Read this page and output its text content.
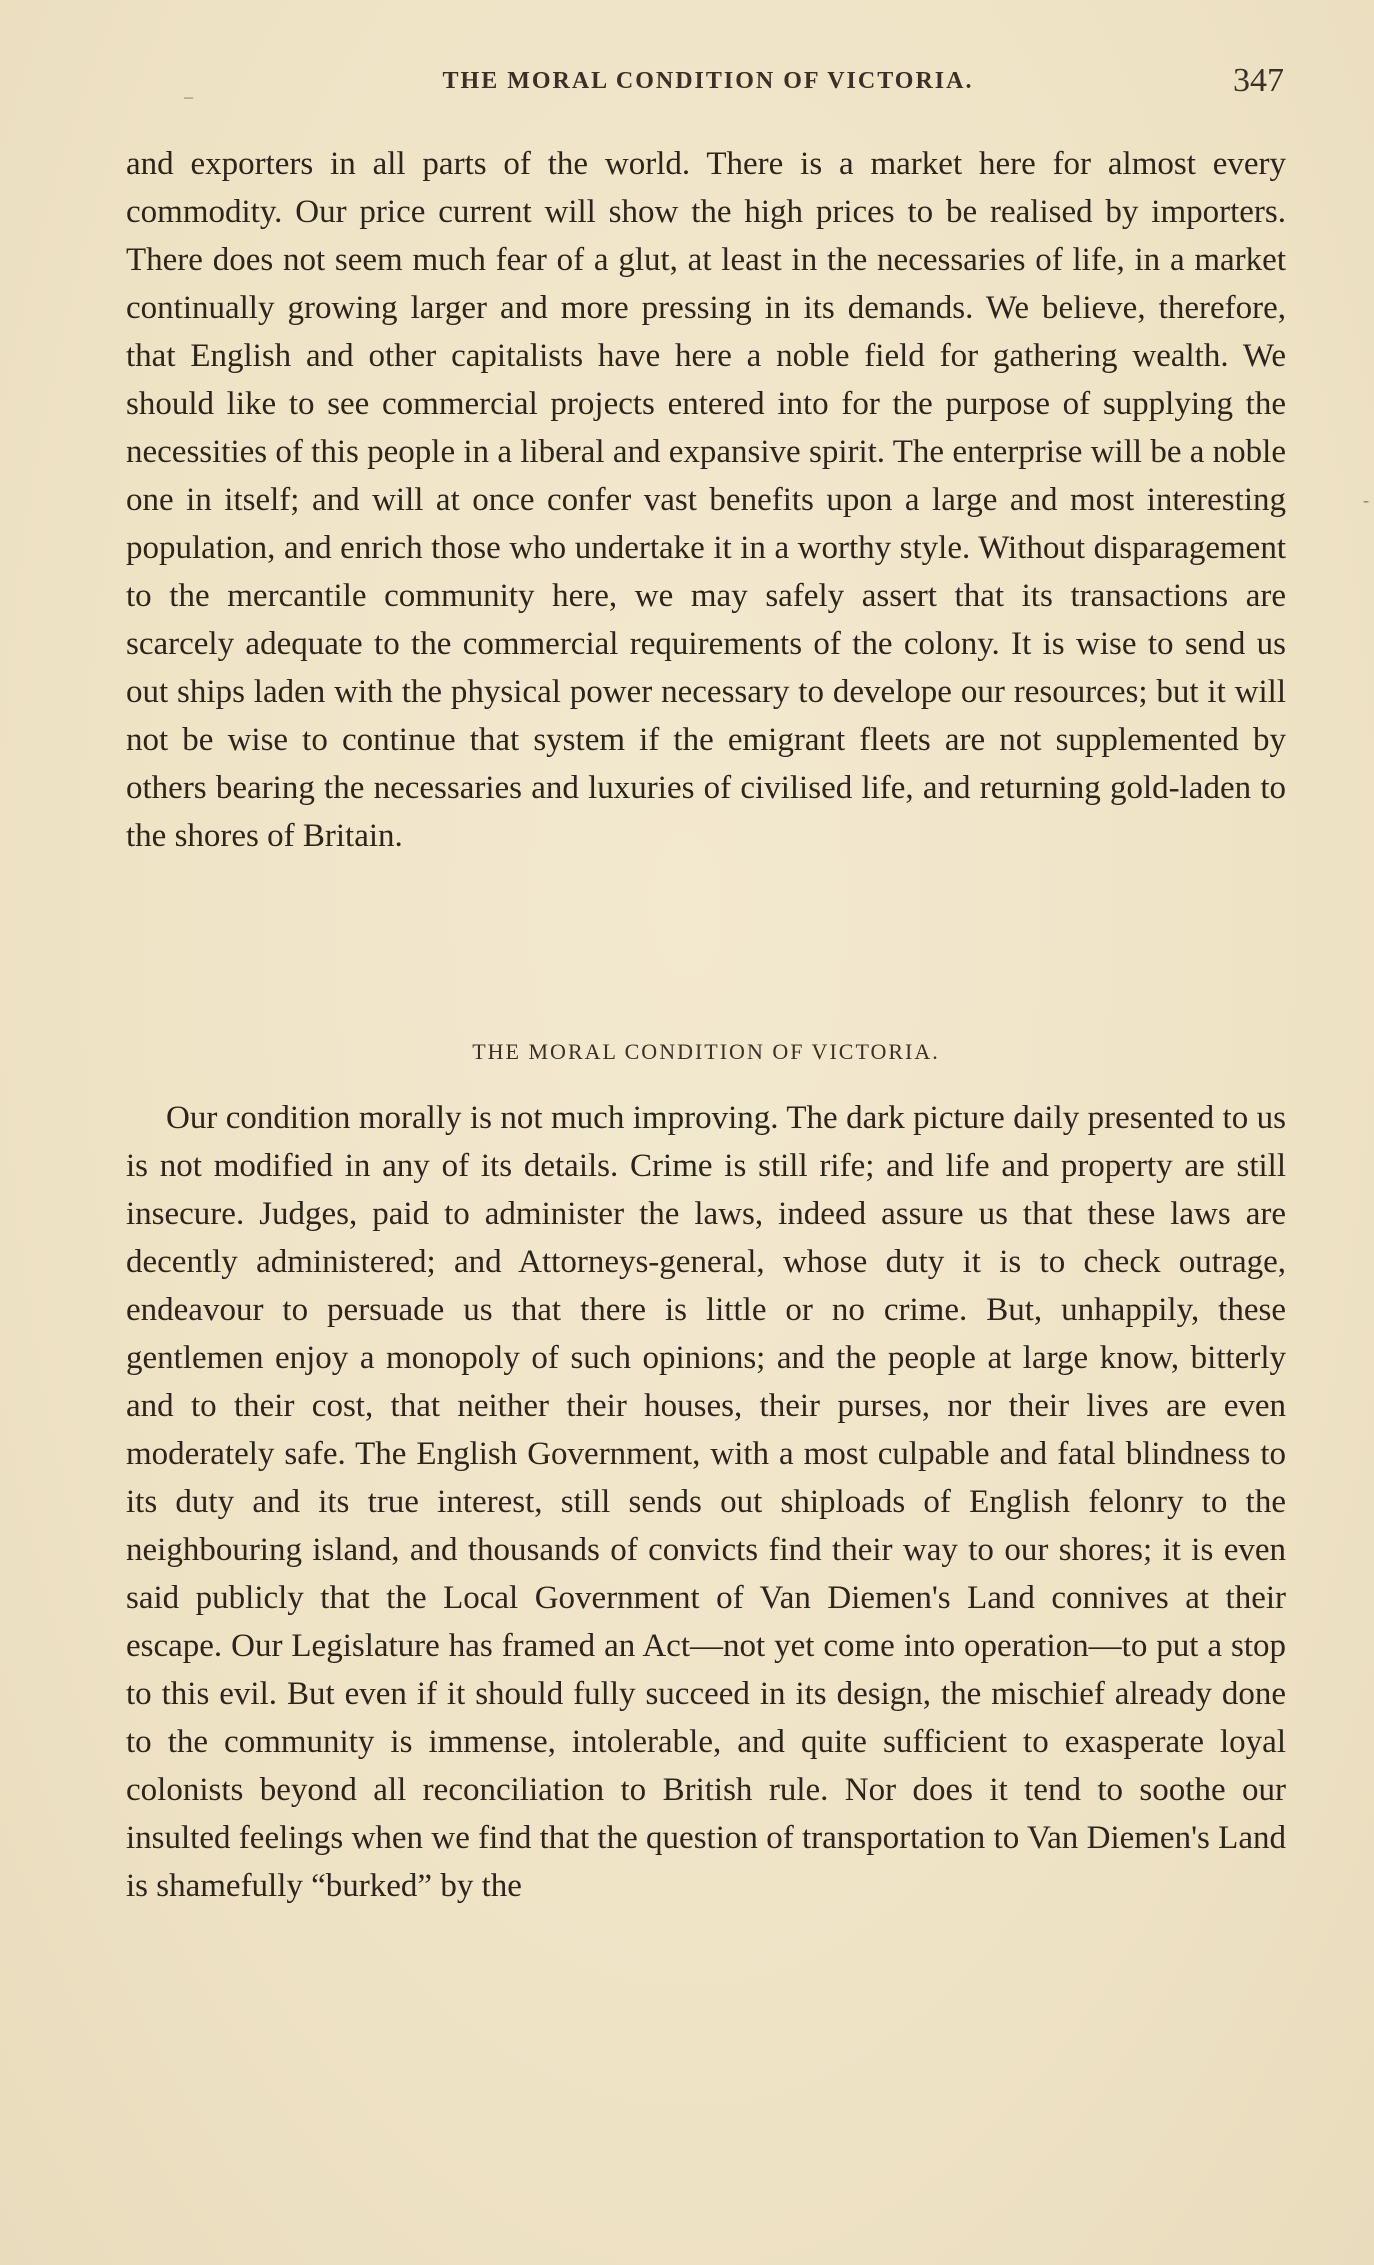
THE MORAL CONDITION OF VICTORIA.	347

and exporters in all parts of the world. There is a market here for almost every commodity. Our price current will show the high prices to be realised by importers. There does not seem much fear of a glut, at least in the necessaries of life, in a market continually growing larger and more pressing in its demands. We believe, therefore, that English and other capitalists have here a noble field for gathering wealth. We should like to see commercial projects entered into for the purpose of supplying the necessities of this people in a liberal and expansive spirit. The enterprise will be a noble one in itself; and will at once confer vast benefits upon a large and most interesting population, and enrich those who undertake it in a worthy style. Without disparagement to the mercantile community here, we may safely assert that its transactions are scarcely adequate to the commercial requirements of the colony. It is wise to send us out ships laden with the physical power necessary to develope our resources; but it will not be wise to continue that system if the emigrant fleets are not supplemented by others bearing the necessaries and luxuries of civilised life, and returning gold-laden to the shores of Britain.

THE MORAL CONDITION OF VICTORIA.

Our condition morally is not much improving. The dark picture daily presented to us is not modified in any of its details. Crime is still rife; and life and property are still insecure. Judges, paid to administer the laws, indeed assure us that these laws are decently administered; and Attorneys-general, whose duty it is to check outrage, endeavour to persuade us that there is little or no crime. But, unhappily, these gentlemen enjoy a monopoly of such opinions; and the people at large know, bitterly and to their cost, that neither their houses, their purses, nor their lives are even moderately safe. The English Government, with a most culpable and fatal blindness to its duty and its true interest, still sends out shiploads of English felonry to the neighbouring island, and thousands of convicts find their way to our shores; it is even said publicly that the Local Government of Van Diemen's Land connives at their escape. Our Legislature has framed an Act—not yet come into operation—to put a stop to this evil. But even if it should fully succeed in its design, the mischief already done to the community is immense, intolerable, and quite sufficient to exasperate loyal colonists beyond all reconciliation to British rule. Nor does it tend to soothe our insulted feelings when we find that the question of transportation to Van Diemen's Land is shamefully “burked” by the

_
-
